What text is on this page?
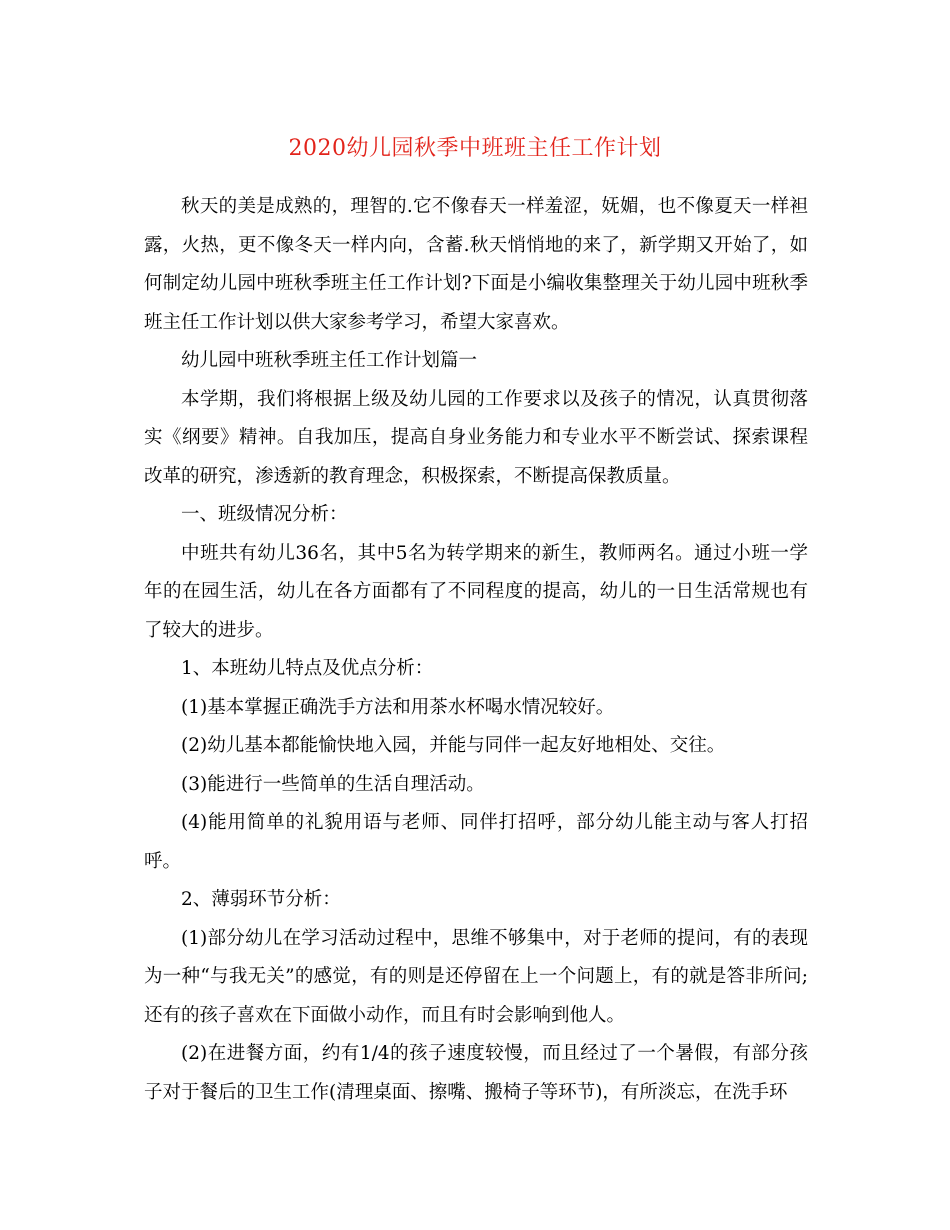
2020幼儿园秋季中班班主任工作计划

秋天的美是成熟的，理智的.它不像春天一样羞涩，妩媚，也不像夏天一样袒露，火热，更不像冬天一样内向，含蓄.秋天悄悄地的来了，新学期又开始了，如何制定幼儿园中班秋季班主任工作计划?下面是小编收集整理关于幼儿园中班秋季班主任工作计划以供大家参考学习，希望大家喜欢。

幼儿园中班秋季班主任工作计划篇一

本学期，我们将根据上级及幼儿园的工作要求以及孩子的情况，认真贯彻落实《纲要》精神。自我加压，提高自身业务能力和专业水平不断尝试、探索课程改革的研究，渗透新的教育理念，积极探索，不断提高保教质量。

一、班级情况分析：

中班共有幼儿36名，其中5名为转学期来的新生，教师两名。通过小班一学年的在园生活，幼儿在各方面都有了不同程度的提高，幼儿的一日生活常规也有了较大的进步。

1、本班幼儿特点及优点分析：

(1)基本掌握正确洗手方法和用茶水杯喝水情况较好。

(2)幼儿基本都能愉快地入园，并能与同伴一起友好地相处、交往。

(3)能进行一些简单的生活自理活动。

(4)能用简单的礼貌用语与老师、同伴打招呼，部分幼儿能主动与客人打招呼。

2、薄弱环节分析：

(1)部分幼儿在学习活动过程中，思维不够集中，对于老师的提问，有的表现为一种“与我无关”的感觉，有的则是还停留在上一个问题上，有的就是答非所问;还有的孩子喜欢在下面做小动作，而且有时会影响到他人。

(2)在进餐方面，约有1/4的孩子速度较慢，而且经过了一个暑假，有部分孩子对于餐后的卫生工作(清理桌面、擦嘴、搬椅子等环节)，有所淡忘，在洗手环
